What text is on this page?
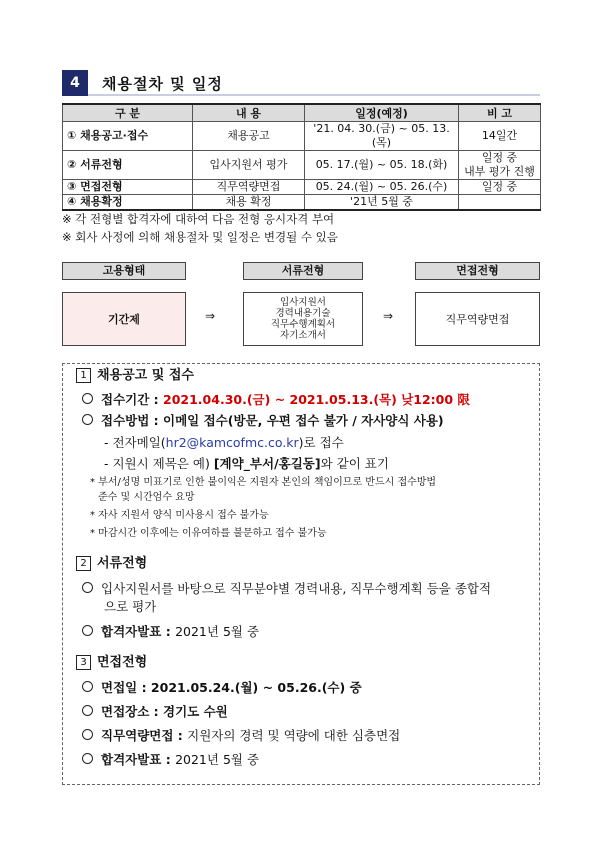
4	채용절차 및 일정
구 분	내 용	일정(예정)	비 고
① 채용공고·접수	채용공고	'21. 04. 30.(금) ~ 05. 13.(목)	14일간
② 서류전형	입사지원서 평가	05. 17.(월) ~ 05. 18.(화)	일정 중
내부 평가 진행
③ 면접전형	직무역량면접	05. 24.(월) ~ 05. 26.(수)	일정 중
④ 채용확정	채용 확정	'21년 5월 중	
※ 각 전형별 합격자에 대하여 다음 전형 응시자격 부여
※ 회사 사정에 의해 채용절차 및 일정은 변경될 수 있음
고용형태	서류전형	면접전형
기간제	⇒
입사지원서
경력내용기술
직무수행계획서
자기소개서
⇒	직무역량면접
1 채용공고 및 접수
접수기간 : 2021.04.30.(금) ~ 2021.05.13.(목) 낮12:00 限
접수방법 : 이메일 접수(방문, 우편 접수 불가 / 자사양식 사용)
- 전자메일(hr2@kamcofmc.co.kr)로 접수
- 지원시 제목은 예) [계약_부서/홍길동]와 같이 표기
* 부서/성명 미표기로 인한 불이익은 지원자 본인의 책임이므로 반드시 접수방법
준수 및 시간엄수 요망
* 자사 지원서 양식 미사용시 접수 불가능
* 마감시간 이후에는 이유여하를 불문하고 접수 불가능
2 서류전형
입사지원서를 바탕으로 직무분야별 경력내용, 직무수행계획 등을 종합적
으로 평가
합격자발표 : 2021년 5월 중
3 면접전형
면접일 : 2021.05.24.(월) ~ 05.26.(수) 중
면접장소 : 경기도 수원
직무역량면접 : 지원자의 경력 및 역량에 대한 심층면접
합격자발표 : 2021년 5월 중
